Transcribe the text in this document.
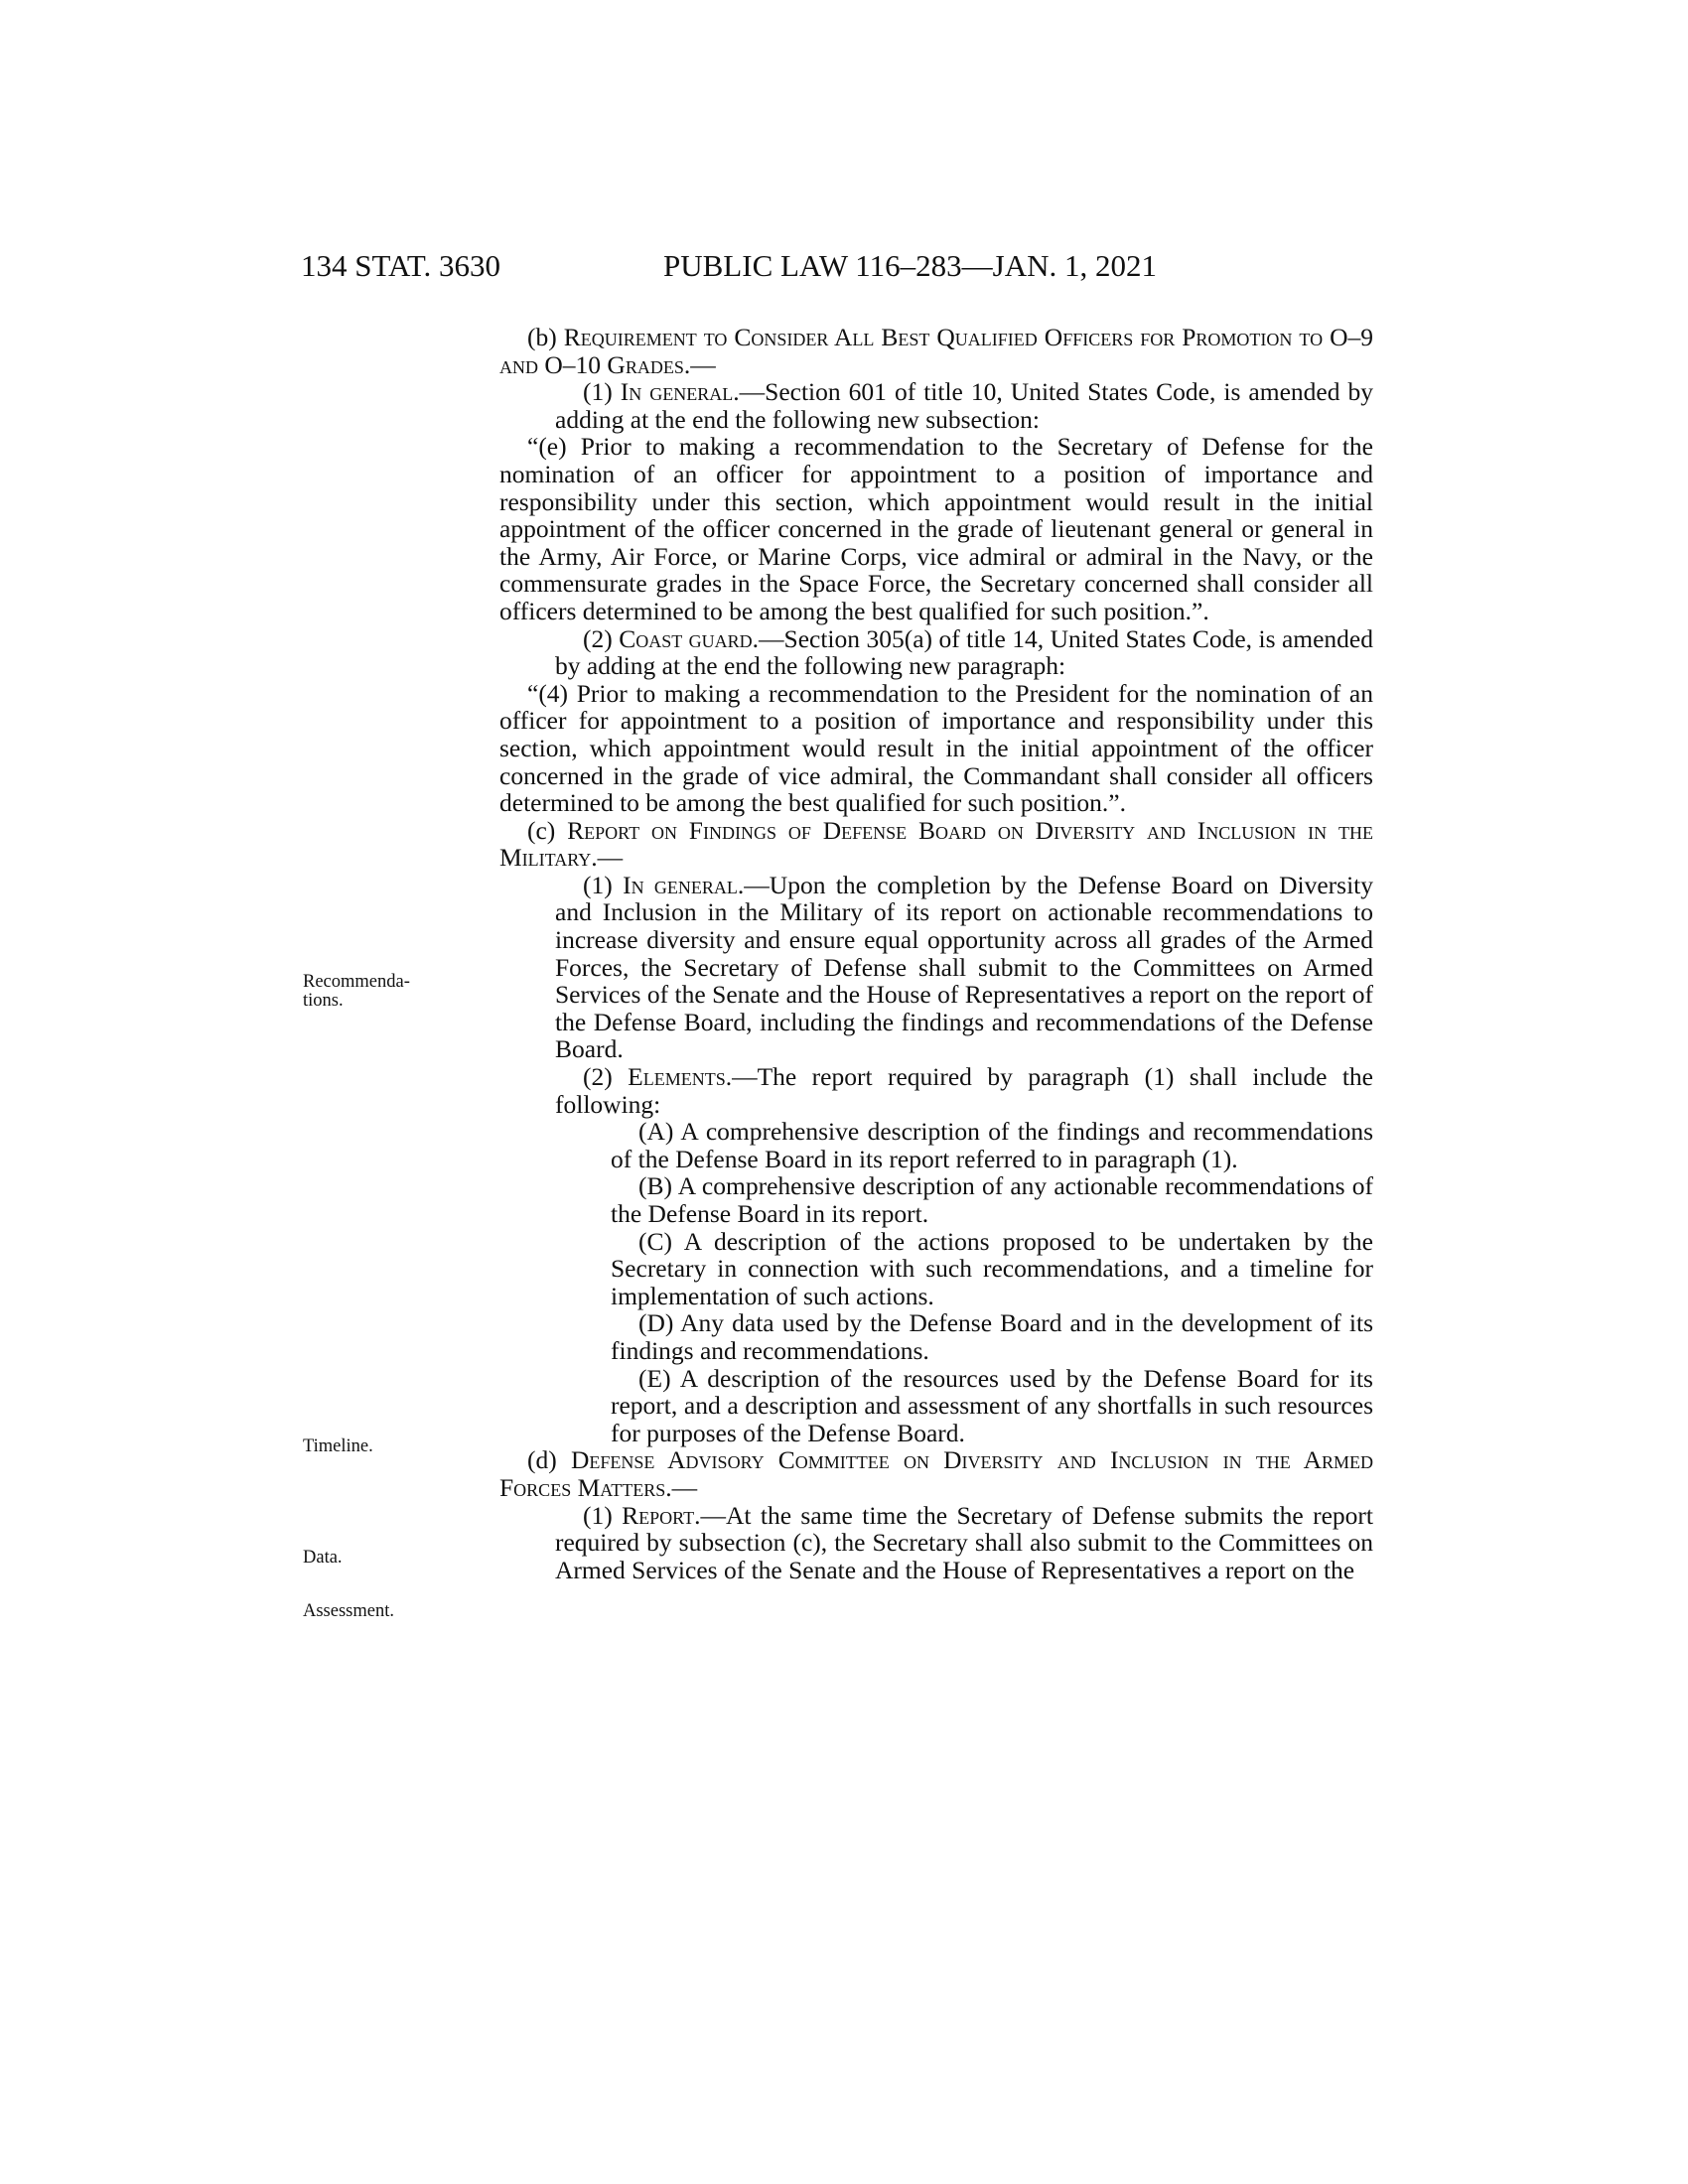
134 STAT. 3630	PUBLIC LAW 116–283—JAN. 1, 2021
Recommenda-
tions.
Timeline.
Data.
Assessment.

(b) Requirement to Consider All Best Qualified Officers for Promotion to O–9 and O–10 Grades.—

(1) In general.—Section 601 of title 10, United States Code, is amended by adding at the end the following new subsection:

“(e) Prior to making a recommendation to the Secretary of Defense for the nomination of an officer for appointment to a position of importance and responsibility under this section, which appointment would result in the initial appointment of the officer concerned in the grade of lieutenant general or general in the Army, Air Force, or Marine Corps, vice admiral or admiral in the Navy, or the commensurate grades in the Space Force, the Secretary concerned shall consider all officers determined to be among the best qualified for such position.”.

(2) Coast guard.—Section 305(a) of title 14, United States Code, is amended by adding at the end the following new paragraph:

“(4) Prior to making a recommendation to the President for the nomination of an officer for appointment to a position of importance and responsibility under this section, which appointment would result in the initial appointment of the officer concerned in the grade of vice admiral, the Commandant shall consider all officers determined to be among the best qualified for such position.”.

(c) Report on Findings of Defense Board on Diversity and Inclusion in the Military.—

(1) In general.—Upon the completion by the Defense Board on Diversity and Inclusion in the Military of its report on actionable recommendations to increase diversity and ensure equal opportunity across all grades of the Armed Forces, the Secretary of Defense shall submit to the Committees on Armed Services of the Senate and the House of Representatives a report on the report of the Defense Board, including the findings and recommendations of the Defense Board.

(2) Elements.—The report required by paragraph (1) shall include the following:

(A) A comprehensive description of the findings and recommendations of the Defense Board in its report referred to in paragraph (1).

(B) A comprehensive description of any actionable recommendations of the Defense Board in its report.

(C) A description of the actions proposed to be undertaken by the Secretary in connection with such recommendations, and a timeline for implementation of such actions.

(D) Any data used by the Defense Board and in the development of its findings and recommendations.

(E) A description of the resources used by the Defense Board for its report, and a description and assessment of any shortfalls in such resources for purposes of the Defense Board.

(d) Defense Advisory Committee on Diversity and Inclusion in the Armed Forces Matters.—

(1) Report.—At the same time the Secretary of Defense submits the report required by subsection (c), the Secretary shall also submit to the Committees on Armed Services of the Senate and the House of Representatives a report on the
